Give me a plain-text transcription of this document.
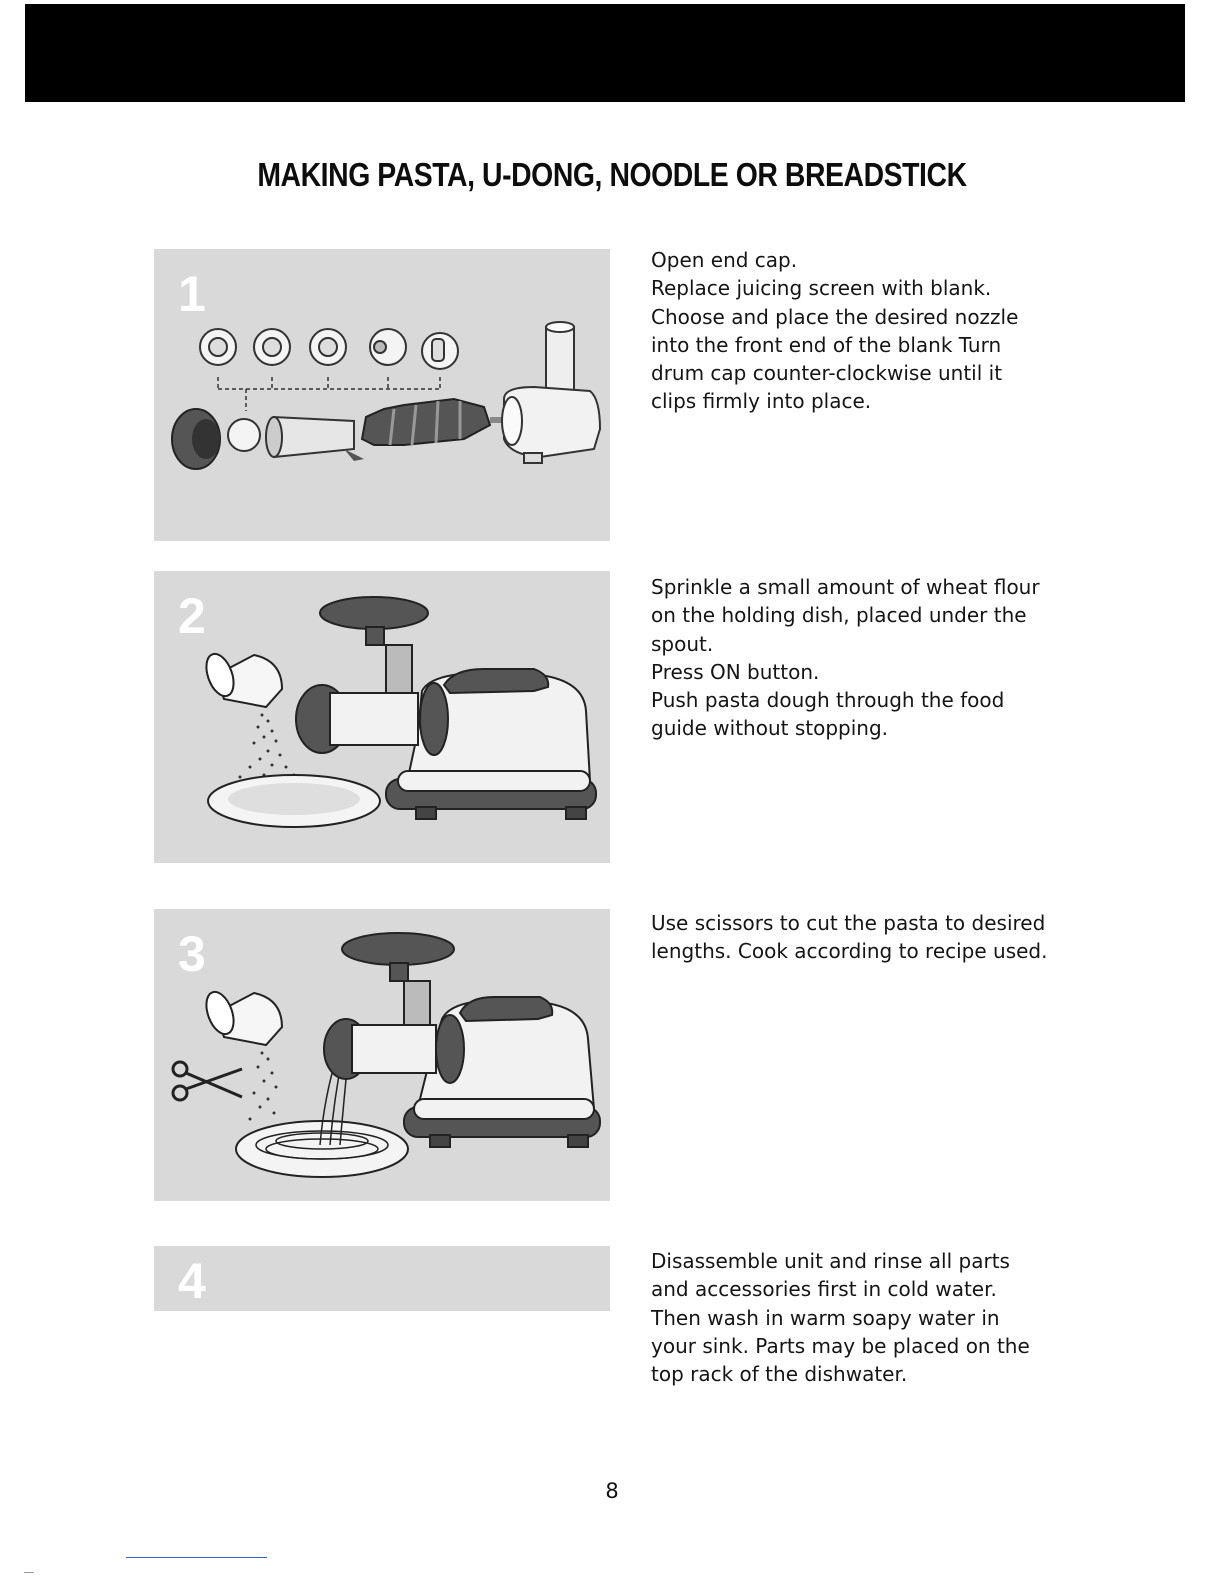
MAKING PASTA, U-DONG, NOODLE OR BREADSTICK
1
2
3
4
Open end cap.
Replace juicing screen with blank.
Choose and place the desired nozzle
into the front end of the blank Turn
drum cap counter-clockwise until it
clips firmly into place.
Sprinkle a small amount of wheat flour
on the holding dish, placed under the
spout.
Press ON button.
Push pasta dough through the food
guide without stopping.
Use scissors to cut the pasta to desired
lengths. Cook according to recipe used.
Disassemble unit and rinse all parts
and accessories first in cold water.
Then wash in warm soapy water in
your sink. Parts may be placed on the
top rack of the dishwater.
8
